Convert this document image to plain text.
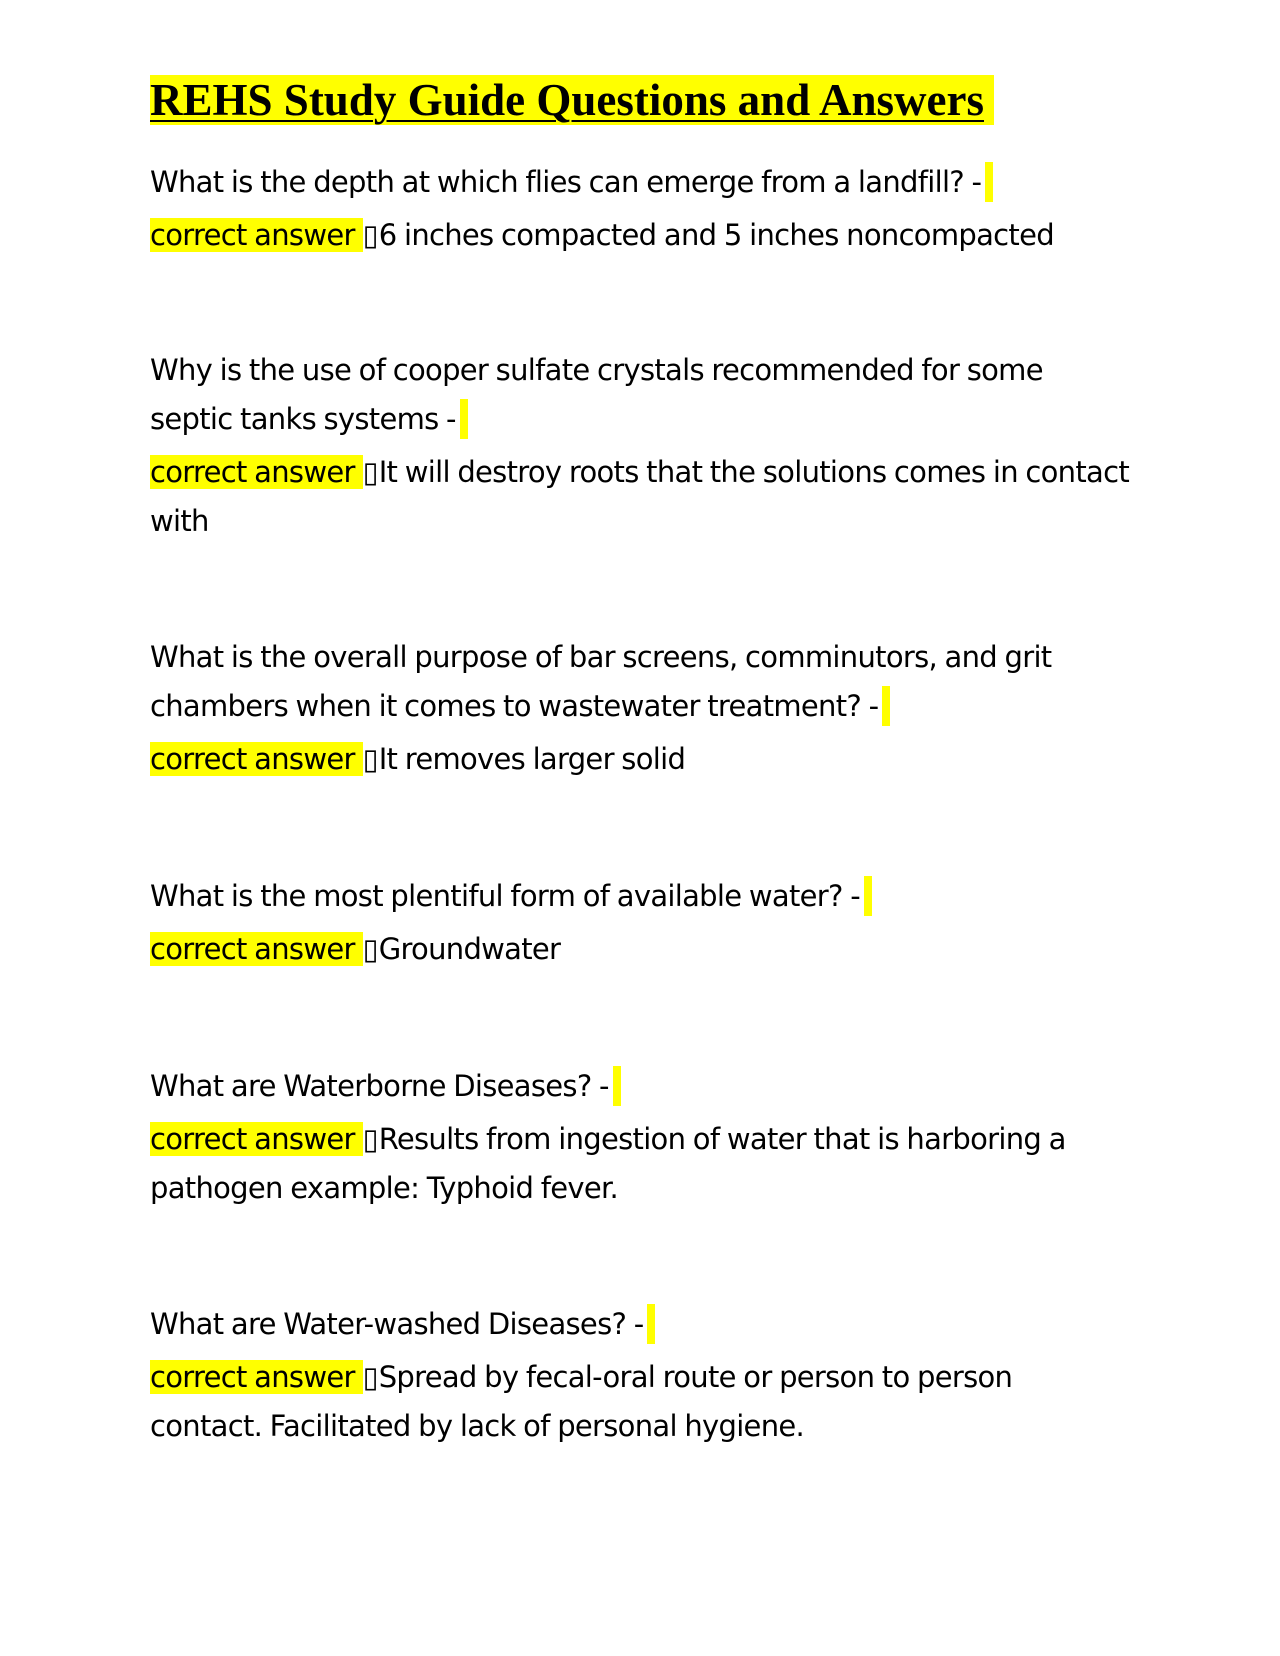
REHS Study Guide Questions and Answers

What is the depth at which flies can emerge from a landfill? -

correct answer ▯6 inches compacted and 5 inches noncompacted

Why is the use of cooper sulfate crystals recommended for some septic tanks systems -

correct answer ▯It will destroy roots that the solutions comes in contact with

What is the overall purpose of bar screens, comminutors, and grit chambers when it comes to wastewater treatment? -

correct answer ▯It removes larger solid

What is the most plentiful form of available water? -

correct answer ▯Groundwater

What are Waterborne Diseases? -

correct answer ▯Results from ingestion of water that is harboring a pathogen example: Typhoid fever.

What are Water-washed Diseases? -

correct answer ▯Spread by fecal-oral route or person to person contact. Facilitated by lack of personal hygiene.
